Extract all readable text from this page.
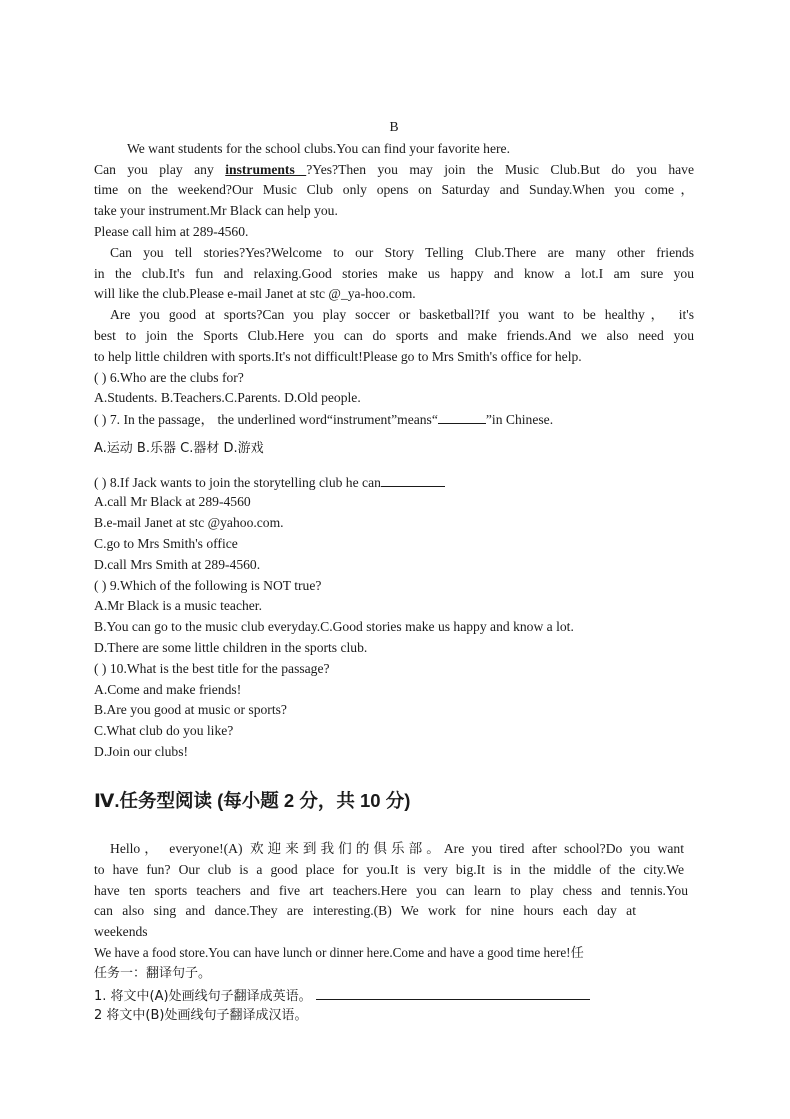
B
We want students for the school clubs.You can find your favorite here.
Can you play any instruments ?Yes?Then you may join the Music Club.But do you have
time on the weekend?Our Music Club only opens on Saturday and Sunday.When you come，
take your instrument.Mr Black can help you.
Please call him at 289-4560.
Can you tell stories?Yes?Welcome to our Story Telling Club.There are many other friends
in the club.It's fun and relaxing.Good stories make us happy and know a lot.I am sure you
will like the club.Please e-mail Janet at stc @_ya-hoo.com.
Are you good at sports?Can you play soccer or basketball?If you want to be healthy， it's
best to join the Sports Club.Here you can do sports and make friends.And we also need you
to help little children with sports.It's not difficult!Please go to Mrs Smith's office for help.
( ) 6.Who are the clubs for?
A.Students. B.Teachers.C.Parents. D.Old people.
( ) 7. In the passage， the underlined word“instrument”means“	”in Chinese.
A.运动 B.乐器 C.器材 D.游戏
( ) 8.If Jack wants to join the storytelling club he can
A.call Mr Black at 289-4560
B.e-mail Janet at stc @yahoo.com.
C.go to Mrs Smith's office
D.call Mrs Smith at 289-4560.
( ) 9.Which of the following is NOT true?
A.Mr Black is a music teacher.
B.You can go to the music club everyday.C.Good stories make us happy and know a lot.
D.There are some little children in the sports club.
( ) 10.What is the best title for the passage?
A.Come and make friends!
B.Are you good at music or sports?
C.What club do you like?
D.Join our clubs!
Ⅳ.任务型阅读 (每小题 2 分，共 10 分)
Hello， everyone!(A) 欢迎来到我们的俱乐部。Are you tired after school?Do you want
to have fun? Our club is a good place for you.It is very big.It is in the middle of the city.We
have ten sports teachers and five art teachers.Here you can learn to play chess and tennis.You
can also sing and dance.They are interesting.(B) We work for nine hours each day at
weekends
We have a food store.You can have lunch or dinner here.Come and have a good time here!任
任务一：翻译句子。
1. 将文中(A)处画线句子翻译成英语。
2 将文中(B)处画线句子翻译成汉语。
